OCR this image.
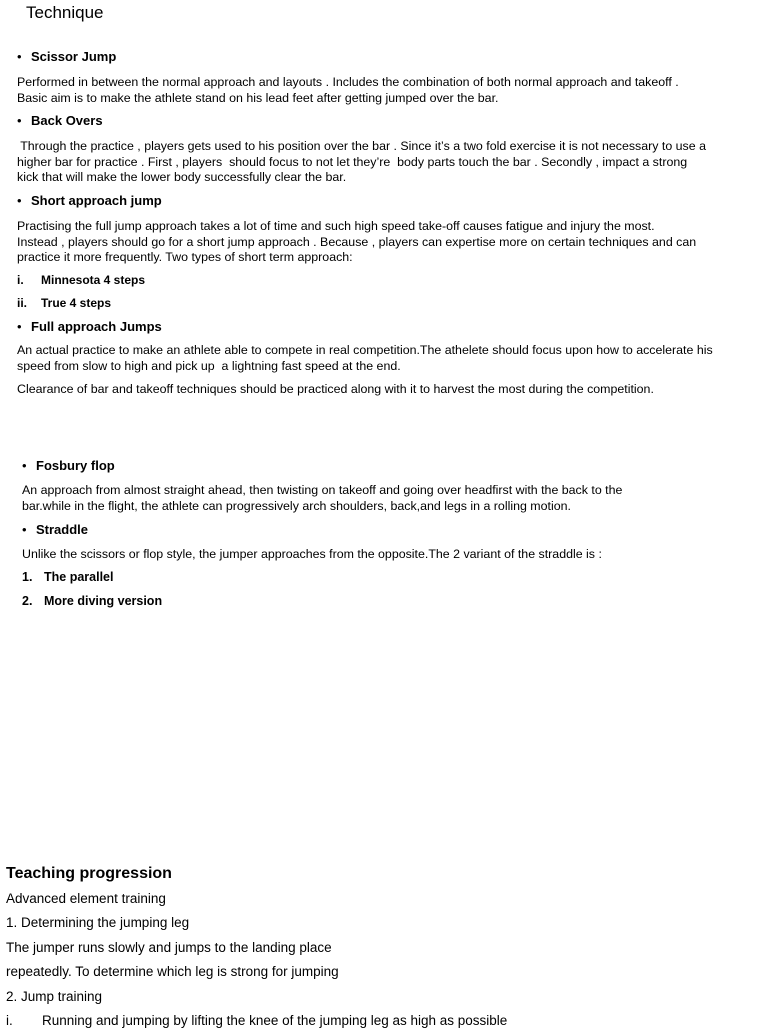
Technique
• Scissor Jump
Performed in between the normal approach and layouts . Includes the combination of both normal approach and takeoff .
Basic aim is to make the athlete stand on his lead feet after getting jumped over the bar.
• Back Overs
Through the practice , players gets used to his position over the bar . Since it’s a two fold exercise it is not necessary to use a
higher bar for practice . First , players  should focus to not let they’re  body parts touch the bar . Secondly , impact a strong
kick that will make the lower body successfully clear the bar.
• Short approach jump
Practising the full jump approach takes a lot of time and such high speed take-off causes fatigue and injury the most.
Instead , players should go for a short jump approach . Because , players can expertise more on certain techniques and can
practice it more frequently. Two types of short term approach:
i. Minnesota 4 steps
ii. True 4 steps
• Full approach Jumps
An actual practice to make an athlete able to compete in real competition.The athelete should focus upon how to accelerate his
speed from slow to high and pick up  a lightning fast speed at the end.
Clearance of bar and takeoff techniques should be practiced along with it to harvest the most during the competition.
• Fosbury flop
An approach from almost straight ahead, then twisting on takeoff and going over headfirst with the back to the
bar.while in the flight, the athlete can progressively arch shoulders, back,and legs in a rolling motion.
• Straddle
Unlike the scissors or flop style, the jumper approaches from the opposite.The 2 variant of the straddle is :
1. The parallel
2. More diving version
Teaching progression
Advanced element training
1. Determining the jumping leg
The jumper runs slowly and jumps to the landing place
repeatedly. To determine which leg is strong for jumping
2. Jump training
i. Running and jumping by lifting the knee of the jumping leg as high as possible
